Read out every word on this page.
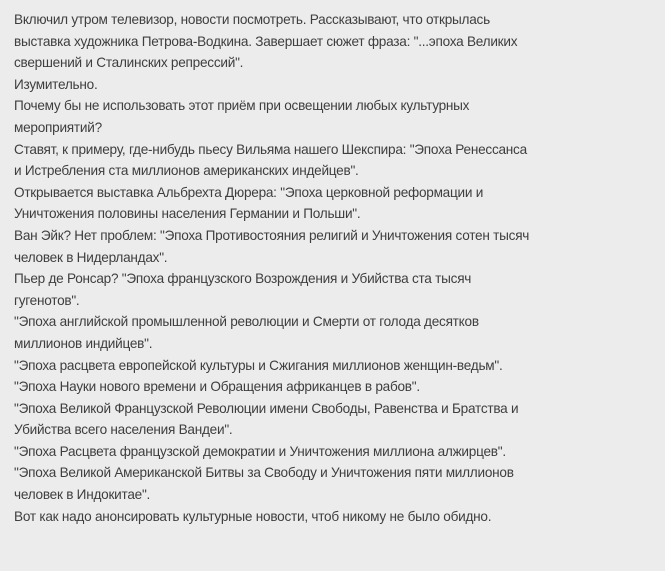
Включил утром телевизор, новости посмотреть. Рассказывают, что открылась

выставка художника Петрова-Водкина. Завершает сюжет фраза: "...эпоха Великих

свершений и Сталинских репрессий".

Изумительно.

Почему бы не использовать этот приём при освещении любых культурных

мероприятий?

Ставят, к примеру, где-нибудь пьесу Вильяма нашего Шекспира: "Эпоха Ренессанса

и Истребления ста миллионов американских индейцев".

Открывается выставка Альбрехта Дюрера: "Эпоха церковной реформации и

Уничтожения половины населения Германии и Польши".

Ван Эйк? Нет проблем: "Эпоха Противостояния религий и Уничтожения сотен тысяч

человек в Нидерландах".

Пьер де Ронсар? "Эпоха французского Возрождения и Убийства ста тысяч

гугенотов".

"Эпоха английской промышленной революции и Смерти от голода десятков

миллионов индийцев".

"Эпоха расцвета европейской культуры и Сжигания миллионов женщин-ведьм".

"Эпоха Науки нового времени и Обращения африканцев в рабов".

"Эпоха Великой Французской Революции имени Свободы, Равенства и Братства и

Убийства всего населения Вандеи".

"Эпоха Расцвета французской демократии и Уничтожения миллиона алжирцев".

"Эпоха Великой Американской Битвы за Свободу и Уничтожения пяти миллионов

человек в Индокитае".

Вот как надо анонсировать культурные новости, чтоб никому не было обидно.
